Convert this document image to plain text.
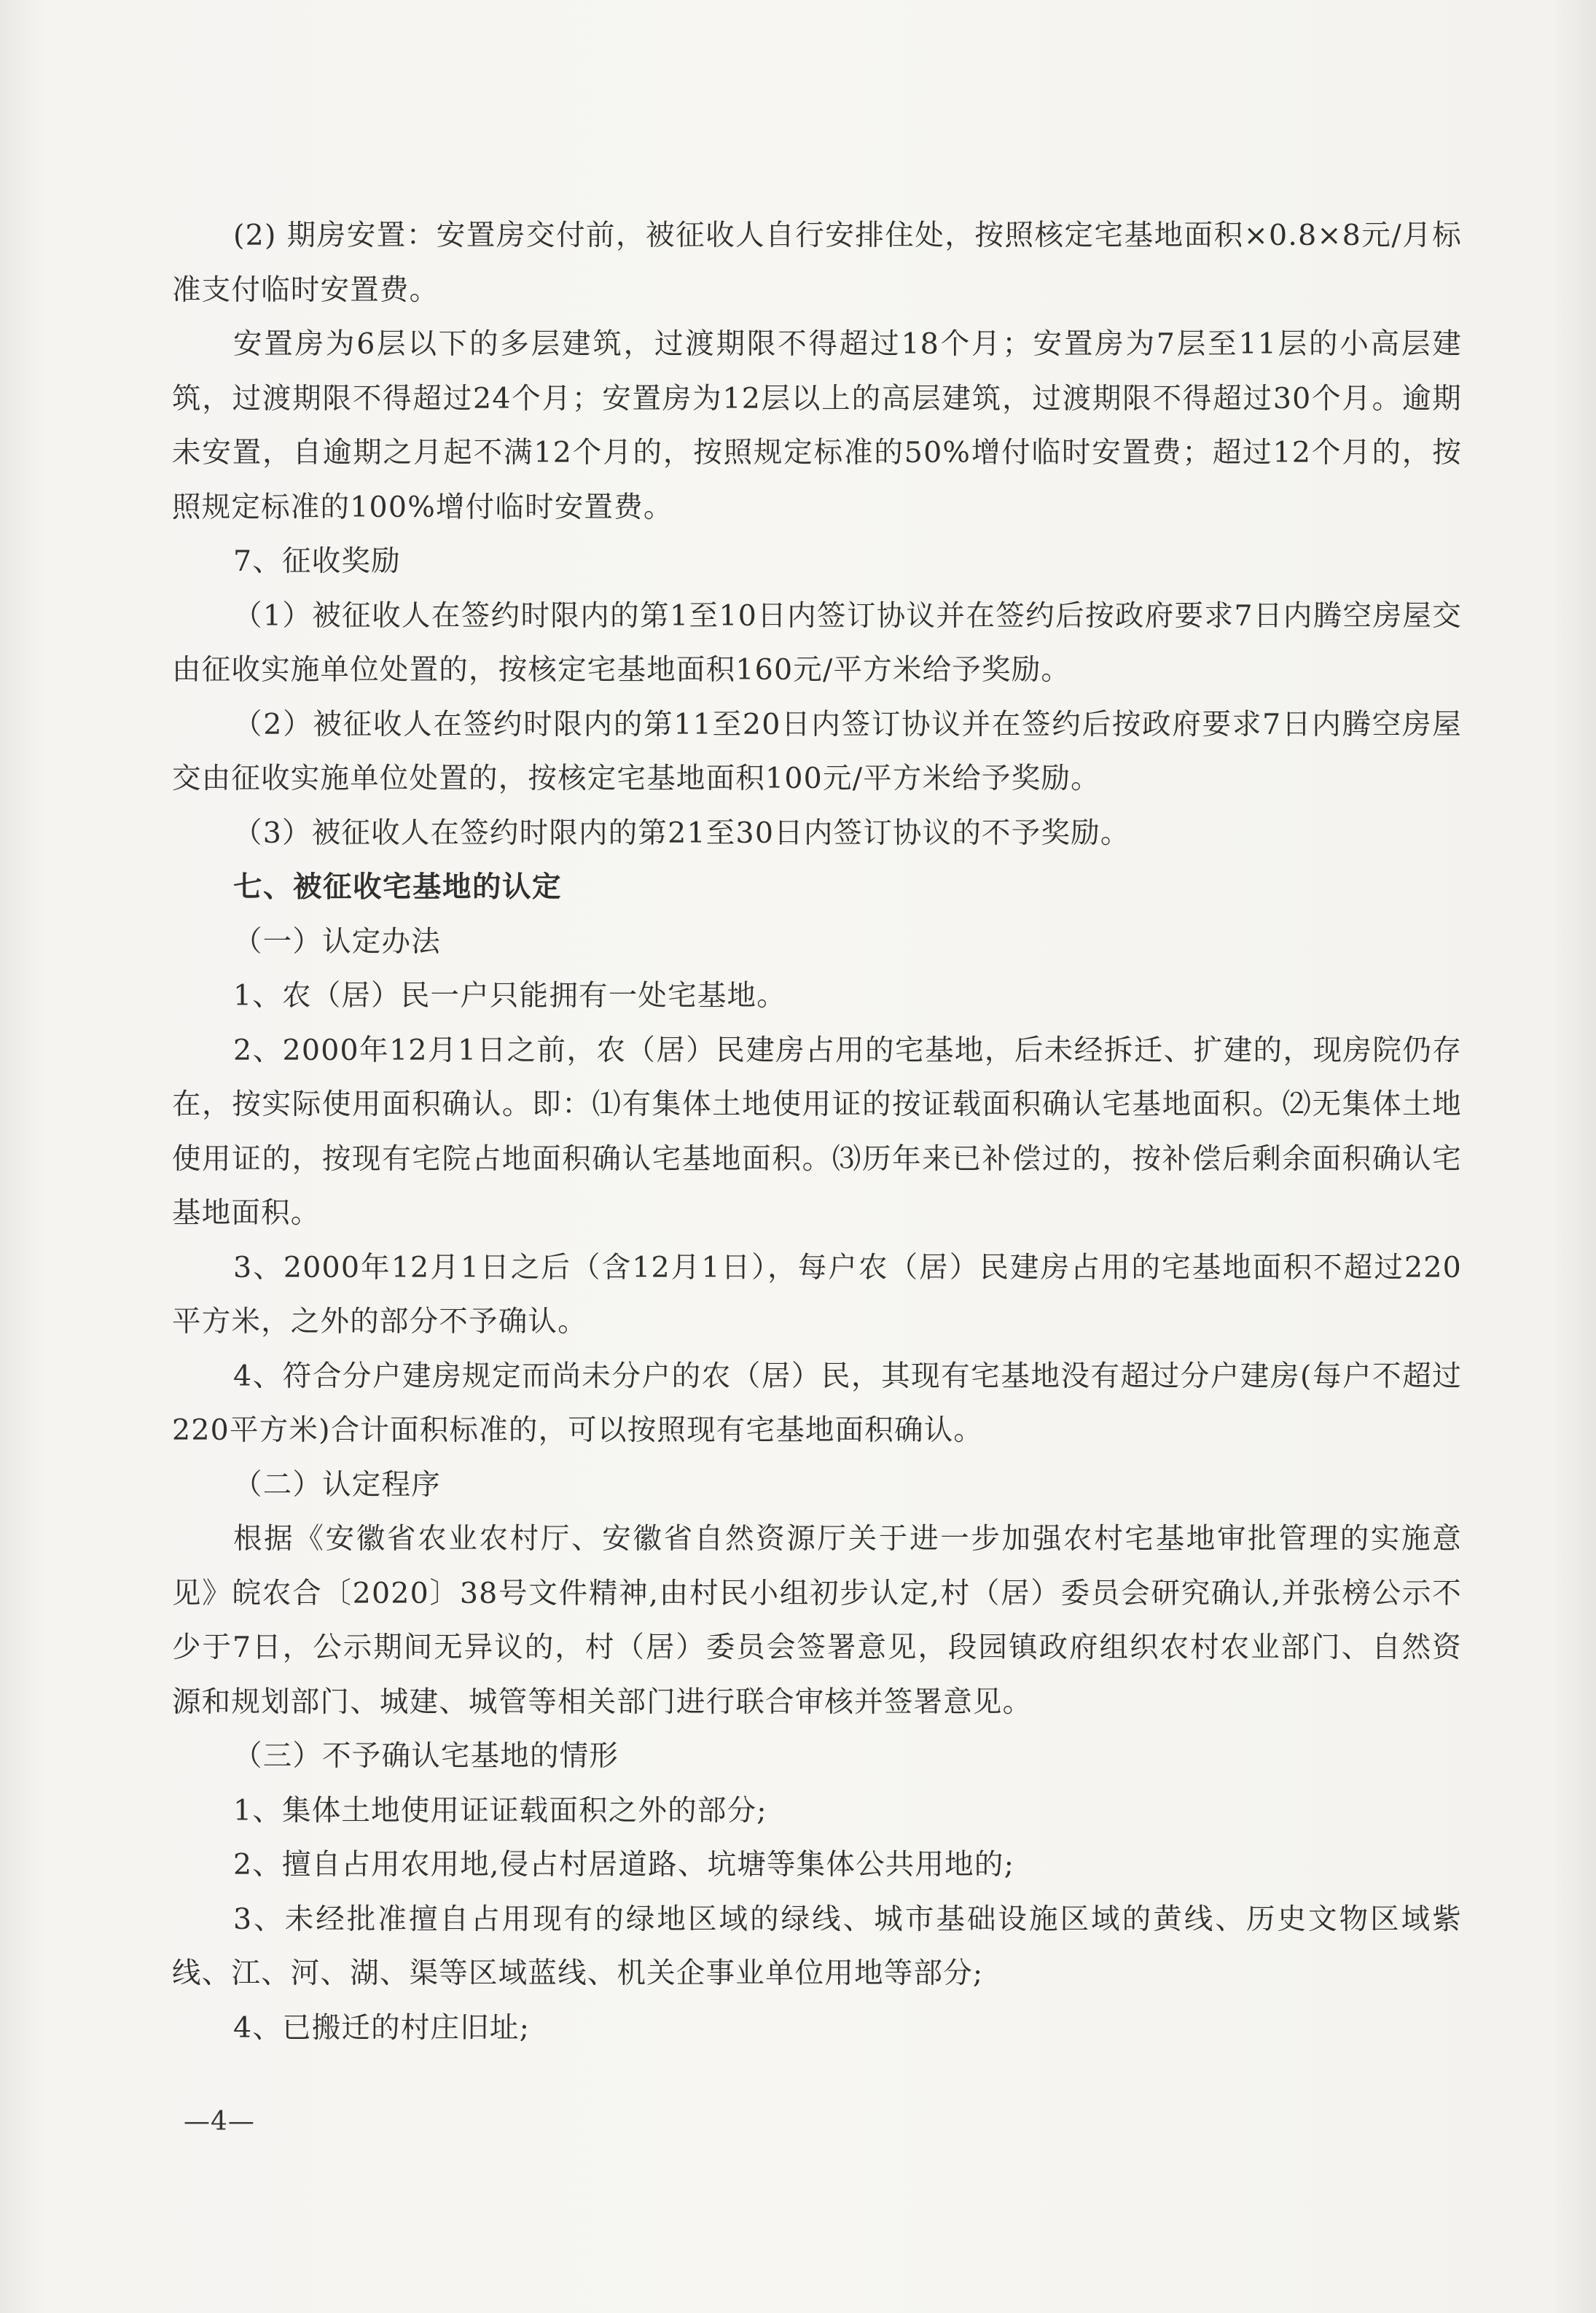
(2) 期房安置：安置房交付前，被征收人自行安排住处，按照核定宅基地面积×0.8×8元/月标准支付临时安置费。

安置房为6层以下的多层建筑，过渡期限不得超过18个月；安置房为7层至11层的小高层建筑，过渡期限不得超过24个月；安置房为12层以上的高层建筑，过渡期限不得超过30个月。逾期未安置，自逾期之月起不满12个月的，按照规定标准的50%增付临时安置费；超过12个月的，按照规定标准的100%增付临时安置费。

7、征收奖励

（1）被征收人在签约时限内的第1至10日内签订协议并在签约后按政府要求7日内腾空房屋交由征收实施单位处置的，按核定宅基地面积160元/平方米给予奖励。

（2）被征收人在签约时限内的第11至20日内签订协议并在签约后按政府要求7日内腾空房屋交由征收实施单位处置的，按核定宅基地面积100元/平方米给予奖励。

（3）被征收人在签约时限内的第21至30日内签订协议的不予奖励。

七、被征收宅基地的认定

（一）认定办法

1、农（居）民一户只能拥有一处宅基地。

2、2000年12月1日之前，农（居）民建房占用的宅基地，后未经拆迁、扩建的，现房院仍存在，按实际使用面积确认。即：⑴有集体土地使用证的按证载面积确认宅基地面积。⑵无集体土地使用证的，按现有宅院占地面积确认宅基地面积。⑶历年来已补偿过的，按补偿后剩余面积确认宅基地面积。

3、2000年12月1日之后（含12月1日），每户农（居）民建房占用的宅基地面积不超过220平方米，之外的部分不予确认。

4、符合分户建房规定而尚未分户的农（居）民，其现有宅基地没有超过分户建房(每户不超过220平方米)合计面积标准的，可以按照现有宅基地面积确认。

（二）认定程序

根据《安徽省农业农村厅、安徽省自然资源厅关于进一步加强农村宅基地审批管理的实施意见》皖农合〔2020〕38号文件精神,由村民小组初步认定,村（居）委员会研究确认,并张榜公示不少于7日，公示期间无异议的，村（居）委员会签署意见，段园镇政府组织农村农业部门、自然资源和规划部门、城建、城管等相关部门进行联合审核并签署意见。

（三）不予确认宅基地的情形

1、集体土地使用证证载面积之外的部分;

2、擅自占用农用地,侵占村居道路、坑塘等集体公共用地的;

3、未经批准擅自占用现有的绿地区域的绿线、城市基础设施区域的黄线、历史文物区域紫线、江、河、湖、渠等区域蓝线、机关企事业单位用地等部分;

4、已搬迁的村庄旧址;

—4—
